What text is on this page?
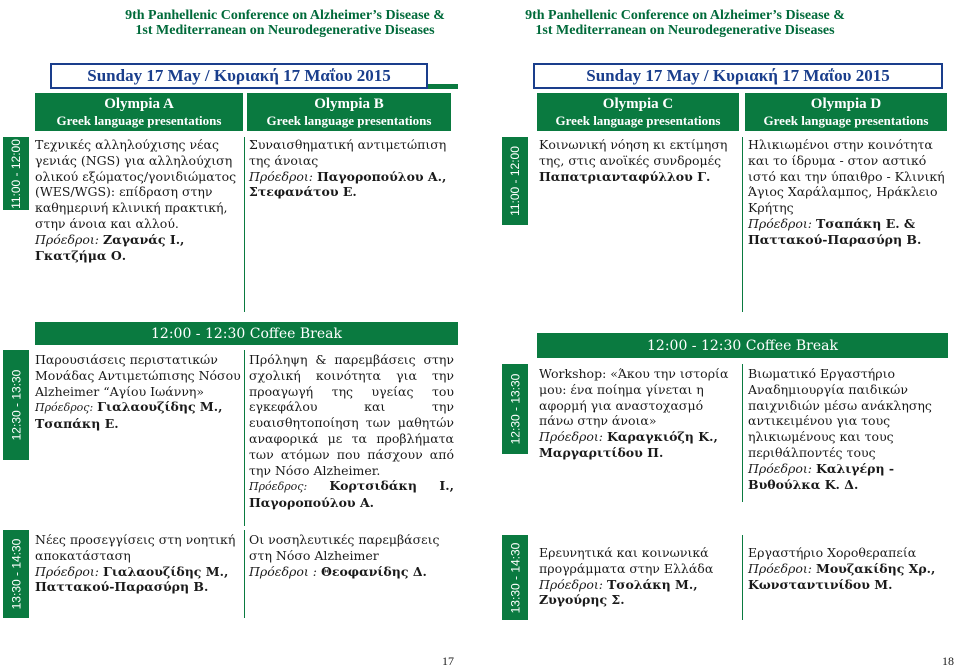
9th Panhellenic Conference on Alzheimer’s Disease &
1st Mediterranean on Neurodegenerative Diseases
Sunday 17 May / Κυριακή 17 Μαΐου 2015
Olympia A
Greek language presentations
Olympia B
Greek language presentations
11:00 - 12:00 Τεχνικές αλληλούχισης νέας γενιάς (NGS) για αλληλούχιση ολικού εξώματος/γονιδιώματος (WES/WGS): επίδραση στην καθημερινή κλινική πρακτική, στην άνοια και αλλού.
Πρόεδροι: Ζαγανάς Ι., Γκατζήμα Ο.
Συναισθηματική αντιμετώπιση της άνοιας
Πρόεδροι: Παγοροπούλου Α., Στεφανάτου Ε.
12:00 - 12:30 Coffee Break
12:30 - 13:30
Παρουσιάσεις περιστατικών Μονάδας Αντιμετώπισης Νόσου Alzheimer “Αγίου Ιωάννη»
Πρόεδρος: Γιαλαουζίδης Μ., Τσαπάκη Ε.
Πρόληψη & παρεμβάσεις στην σχολική κοινότητα για την προαγωγή της υγείας του εγκεφάλου και την ευαισθητοποίηση των μαθητών αναφορικά με τα προβλήματα των ατόμων που πάσχουν από την Νόσο Alzheimer.
Πρόεδρος: Κορτσιδάκη Ι., Παγοροπούλου Α.
13:30 - 14:30 Νέες προσεγγίσεις στη νοητική αποκατάσταση
Πρόεδροι: Γιαλαουζίδης Μ., Παττακού-Παρασύρη Β.
Οι νοσηλευτικές παρεμβάσεις στη Νόσο Alzheimer
Πρόεδροι : Θεοφανίδης Δ.
17
9th Panhellenic Conference on Alzheimer’s Disease &
1st Mediterranean on Neurodegenerative Diseases
Sunday 17 May / Κυριακή 17 Μαΐου 2015
Olympia C
Greek language presentations
Olympia D
Greek language presentations
11:00 - 12:00
Κοινωνική νόηση κι εκτίμηση της, στις ανοϊκές συνδρομές
Παπατριανταφύλλου Γ.
Ηλικιωμένοι στην κοινότητα και το ίδρυμα - στον αστικό ιστό και την ύπαιθρο - Κλινική Άγιος Χαράλαμπος, Ηράκλειο Κρήτης
Πρόεδροι: Τσαπάκη Ε. & Παττακού-Παρασύρη Β.
12:00 - 12:30 Coffee Break
12:30 - 13:30
Workshop: «Άκου την ιστορία μου: ένα ποίημα γίνεται η αφορμή για αναστοχασμό πάνω στην άνοια»
Πρόεδροι: Καραγκιόζη Κ., Μαργαριτίδου Π.
Βιωματικό Εργαστήριο Αναδημιουργία παιδικών παιχνιδιών μέσω ανάκλησης αντικειμένου για τους ηλικιωμένους και τους περιθάλποντές τους
Πρόεδροι: Καλιγέρη - Βυθούλκα Κ. Δ.
13:30 - 14:30 Ερευνητικά και κοινωνικά προγράμματα στην Ελλάδα
Πρόεδροι: Τσολάκη Μ., Ζυγούρης Σ.
Εργαστήριο Χοροθεραπεία
Πρόεδροι: Μουζακίδης Χρ., Κωνσταντινίδου Μ.
18
